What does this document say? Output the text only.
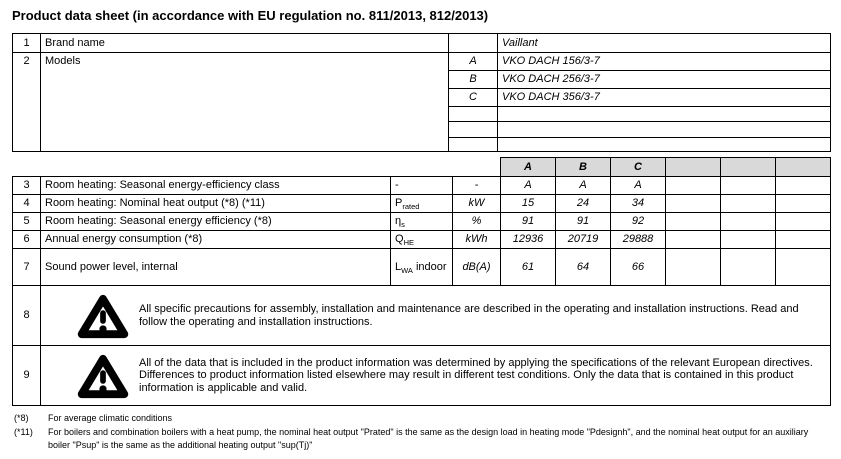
Product data sheet (in accordance with EU regulation no. 811/2013, 812/2013)
1	Brand name		Vaillant
2	Models	A	VKO DACH 156/3-7
		B	VKO DACH 256/3-7
		C	VKO DACH 356/3-7

				A	B	C			
3	Room heating: Seasonal energy-efficiency class	-	-	A	A	A			
4	Room heating: Nominal heat output (*8) (*11)	$P_{rated}$	kW	15	24	34			
5	Room heating: Seasonal energy efficiency (*8)	$\eta_s$	%	91	91	92			
6	Annual energy consumption (*8)	$Q_{HE}$	kWh	12936	20719	29888			
7	Sound power level, internal	$L_{WA}$ indoor	dB(A)	61	64	66			
8	All specific precautions for assembly, installation and maintenance are described in the operating and installation instructions. Read and follow the operating and installation instructions.								

9	All of the data that is included in the product information was determined by applying the specifications of the relevant European directives. Differences to product information listed elsewhere may result in different test conditions. Only the data that is contained in this product information is applicable and valid.								
(*8)	For average climatic conditions
(*11)	For boilers and combination boilers with a heat pump, the nominal heat output "Prated" is the same as the design load in heating mode "Pdesignh", and the nominal heat output for an auxiliary boiler "Psup" is the same as the additional heating output "sup(Tj)"
